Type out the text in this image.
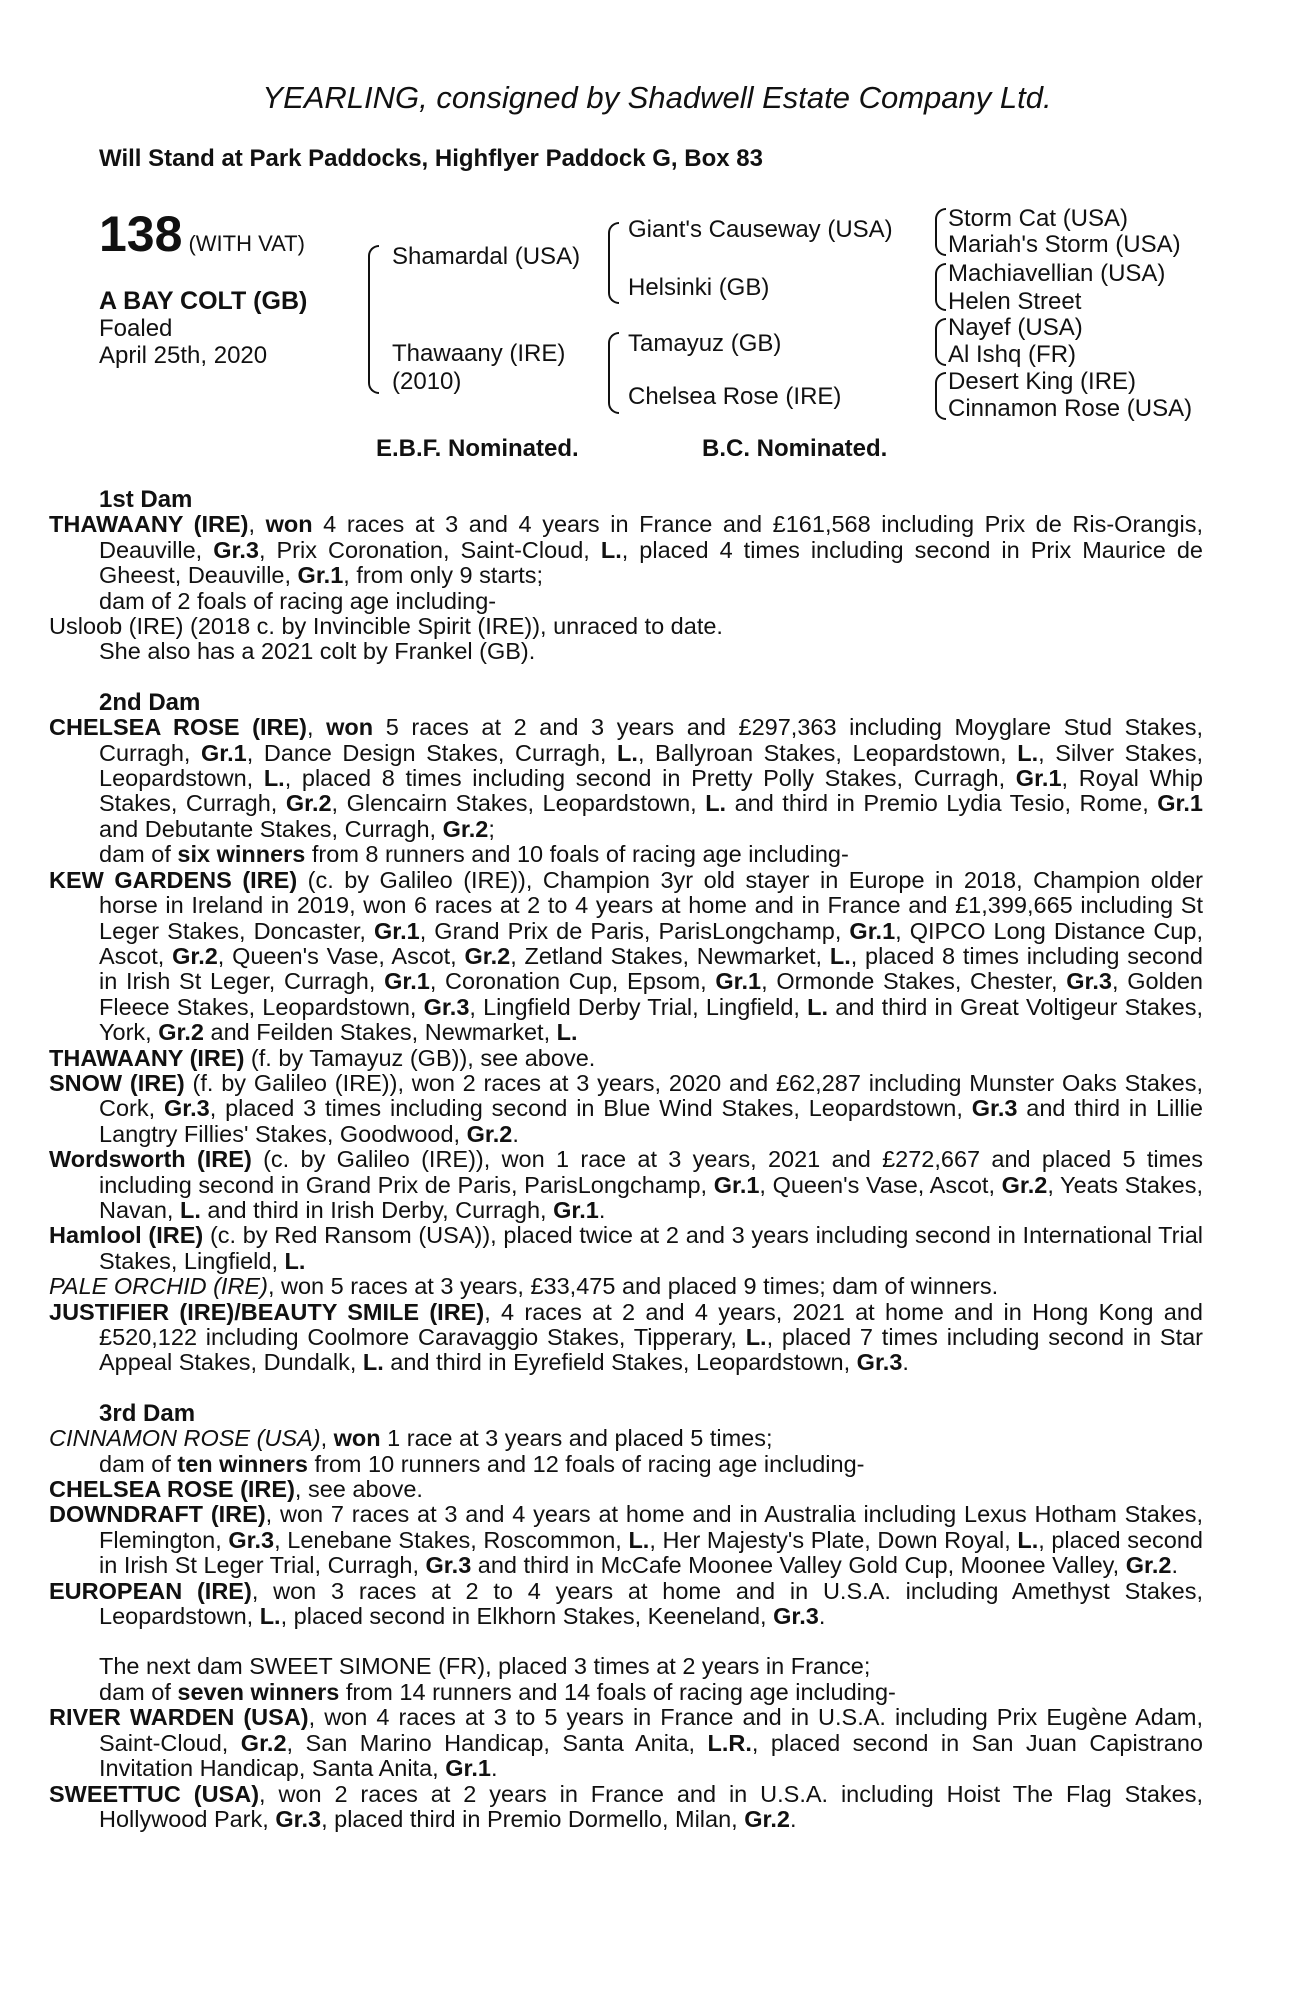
YEARLING, consigned by Shadwell Estate Company Ltd.
Will Stand at Park Paddocks, Highflyer Paddock G, Box 83
138 (WITH VAT)
A BAY COLT (GB)
Foaled
April 25th, 2020
Shamardal (USA)
Thawaany (IRE)
(2010)
Giant's Causeway (USA)
Helsinki (GB)
Tamayuz (GB)
Chelsea Rose (IRE)
Storm Cat (USA)
Mariah's Storm (USA)
Machiavellian (USA)
Helen Street
Nayef (USA)
Al Ishq (FR)
Desert King (IRE)
Cinnamon Rose (USA)
E.B.F. Nominated.	B.C. Nominated.
1st Dam
THAWAANY (IRE), won 4 races at 3 and 4 years in France and £161,568 including Prix de Ris-Orangis, Deauville, Gr.3, Prix Coronation, Saint-Cloud, L., placed 4 times including second in Prix Maurice de Gheest, Deauville, Gr.1, from only 9 starts;
dam of 2 foals of racing age including-
Usloob (IRE) (2018 c. by Invincible Spirit (IRE)), unraced to date.
She also has a 2021 colt by Frankel (GB).
2nd Dam
CHELSEA ROSE (IRE), won 5 races at 2 and 3 years and £297,363 including Moyglare Stud Stakes, Curragh, Gr.1, Dance Design Stakes, Curragh, L., Ballyroan Stakes, Leopardstown, L., Silver Stakes, Leopardstown, L., placed 8 times including second in Pretty Polly Stakes, Curragh, Gr.1, Royal Whip Stakes, Curragh, Gr.2, Glencairn Stakes, Leopardstown, L. and third in Premio Lydia Tesio, Rome, Gr.1 and Debutante Stakes, Curragh, Gr.2;
dam of six winners from 8 runners and 10 foals of racing age including-
KEW GARDENS (IRE) (c. by Galileo (IRE)), Champion 3yr old stayer in Europe in 2018, Champion older horse in Ireland in 2019, won 6 races at 2 to 4 years at home and in France and £1,399,665 including St Leger Stakes, Doncaster, Gr.1, Grand Prix de Paris, ParisLongchamp, Gr.1, QIPCO Long Distance Cup, Ascot, Gr.2, Queen's Vase, Ascot, Gr.2, Zetland Stakes, Newmarket, L., placed 8 times including second in Irish St Leger, Curragh, Gr.1, Coronation Cup, Epsom, Gr.1, Ormonde Stakes, Chester, Gr.3, Golden Fleece Stakes, Leopardstown, Gr.3, Lingfield Derby Trial, Lingfield, L. and third in Great Voltigeur Stakes, York, Gr.2 and Feilden Stakes, Newmarket, L.
THAWAANY (IRE) (f. by Tamayuz (GB)), see above.
SNOW (IRE) (f. by Galileo (IRE)), won 2 races at 3 years, 2020 and £62,287 including Munster Oaks Stakes, Cork, Gr.3, placed 3 times including second in Blue Wind Stakes, Leopardstown, Gr.3 and third in Lillie Langtry Fillies' Stakes, Goodwood, Gr.2.
Wordsworth (IRE) (c. by Galileo (IRE)), won 1 race at 3 years, 2021 and £272,667 and placed 5 times including second in Grand Prix de Paris, ParisLongchamp, Gr.1, Queen's Vase, Ascot, Gr.2, Yeats Stakes, Navan, L. and third in Irish Derby, Curragh, Gr.1.
Hamlool (IRE) (c. by Red Ransom (USA)), placed twice at 2 and 3 years including second in International Trial Stakes, Lingfield, L.
PALE ORCHID (IRE), won 5 races at 3 years, £33,475 and placed 9 times; dam of winners.
JUSTIFIER (IRE)/BEAUTY SMILE (IRE), 4 races at 2 and 4 years, 2021 at home and in Hong Kong and £520,122 including Coolmore Caravaggio Stakes, Tipperary, L., placed 7 times including second in Star Appeal Stakes, Dundalk, L. and third in Eyrefield Stakes, Leopardstown, Gr.3.
3rd Dam
CINNAMON ROSE (USA), won 1 race at 3 years and placed 5 times;
dam of ten winners from 10 runners and 12 foals of racing age including-
CHELSEA ROSE (IRE), see above.
DOWNDRAFT (IRE), won 7 races at 3 and 4 years at home and in Australia including Lexus Hotham Stakes, Flemington, Gr.3, Lenebane Stakes, Roscommon, L., Her Majesty's Plate, Down Royal, L., placed second in Irish St Leger Trial, Curragh, Gr.3 and third in McCafe Moonee Valley Gold Cup, Moonee Valley, Gr.2.
EUROPEAN (IRE), won 3 races at 2 to 4 years at home and in U.S.A. including Amethyst Stakes, Leopardstown, L., placed second in Elkhorn Stakes, Keeneland, Gr.3.
The next dam SWEET SIMONE (FR), placed 3 times at 2 years in France;
dam of seven winners from 14 runners and 14 foals of racing age including-
RIVER WARDEN (USA), won 4 races at 3 to 5 years in France and in U.S.A. including Prix Eugène Adam, Saint-Cloud, Gr.2, San Marino Handicap, Santa Anita, L.R., placed second in San Juan Capistrano Invitation Handicap, Santa Anita, Gr.1.
SWEETTUC (USA), won 2 races at 2 years in France and in U.S.A. including Hoist The Flag Stakes, Hollywood Park, Gr.3, placed third in Premio Dormello, Milan, Gr.2.
